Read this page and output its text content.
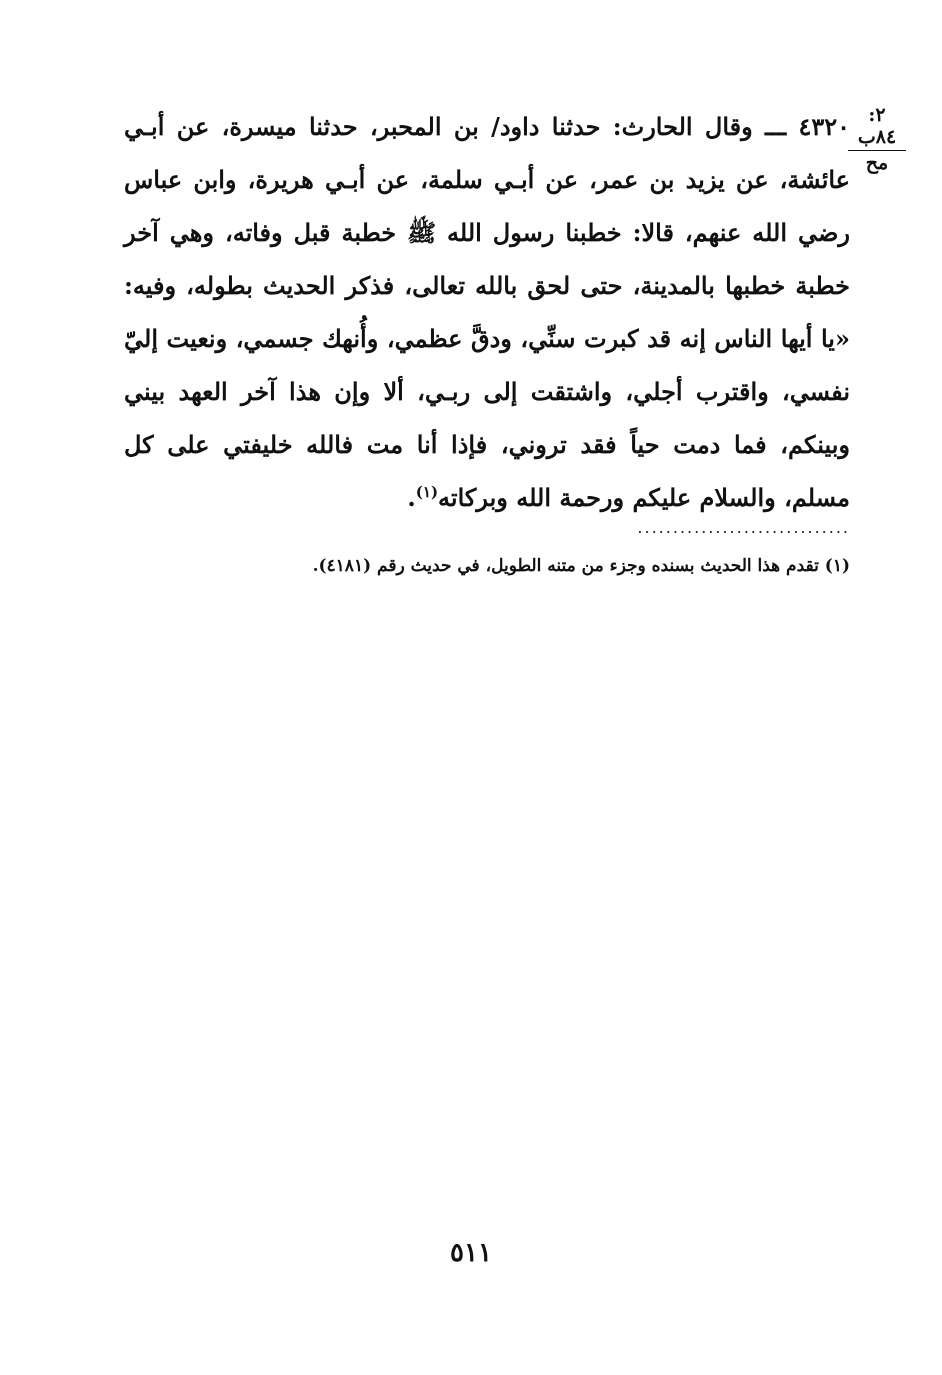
٢: ٨٤ب
مح

٤٣٢٠ ـــ وقال الحارث: حدثنا داود/ بن المحبر، حدثنا ميسرة، عن أبـي عائشة، عن يزيد بن عمر، عن أبـي سلمة، عن أبـي هريرة، وابن عباس رضي الله عنهم، قالا: خطبنا رسول الله ﷺ خطبة قبل وفاته، وهي آخر خطبة خطبها بالمدينة، حتى لحق بالله تعالى، فذكر الحديث بطوله، وفيه: «يا أيها الناس إنه قد كبرت سنِّي، ودقَّ عظمي، وأُنهك جسمي، ونعيت إليّ نفسي، واقترب أجلي، واشتقت إلى ربـي، ألا وإن هذا آخر العهد بيني وبينكم، فما دمت حياً فقد تروني، فإذا أنا مت فالله خليفتي على كل مسلم، والسلام عليكم ورحمة الله وبركاته$^{(١)}$.

..............................
(١) تقدم هذا الحديث بسنده وجزء من متنه الطويل، في حديث رقم (٤١٨١).
٥١١
